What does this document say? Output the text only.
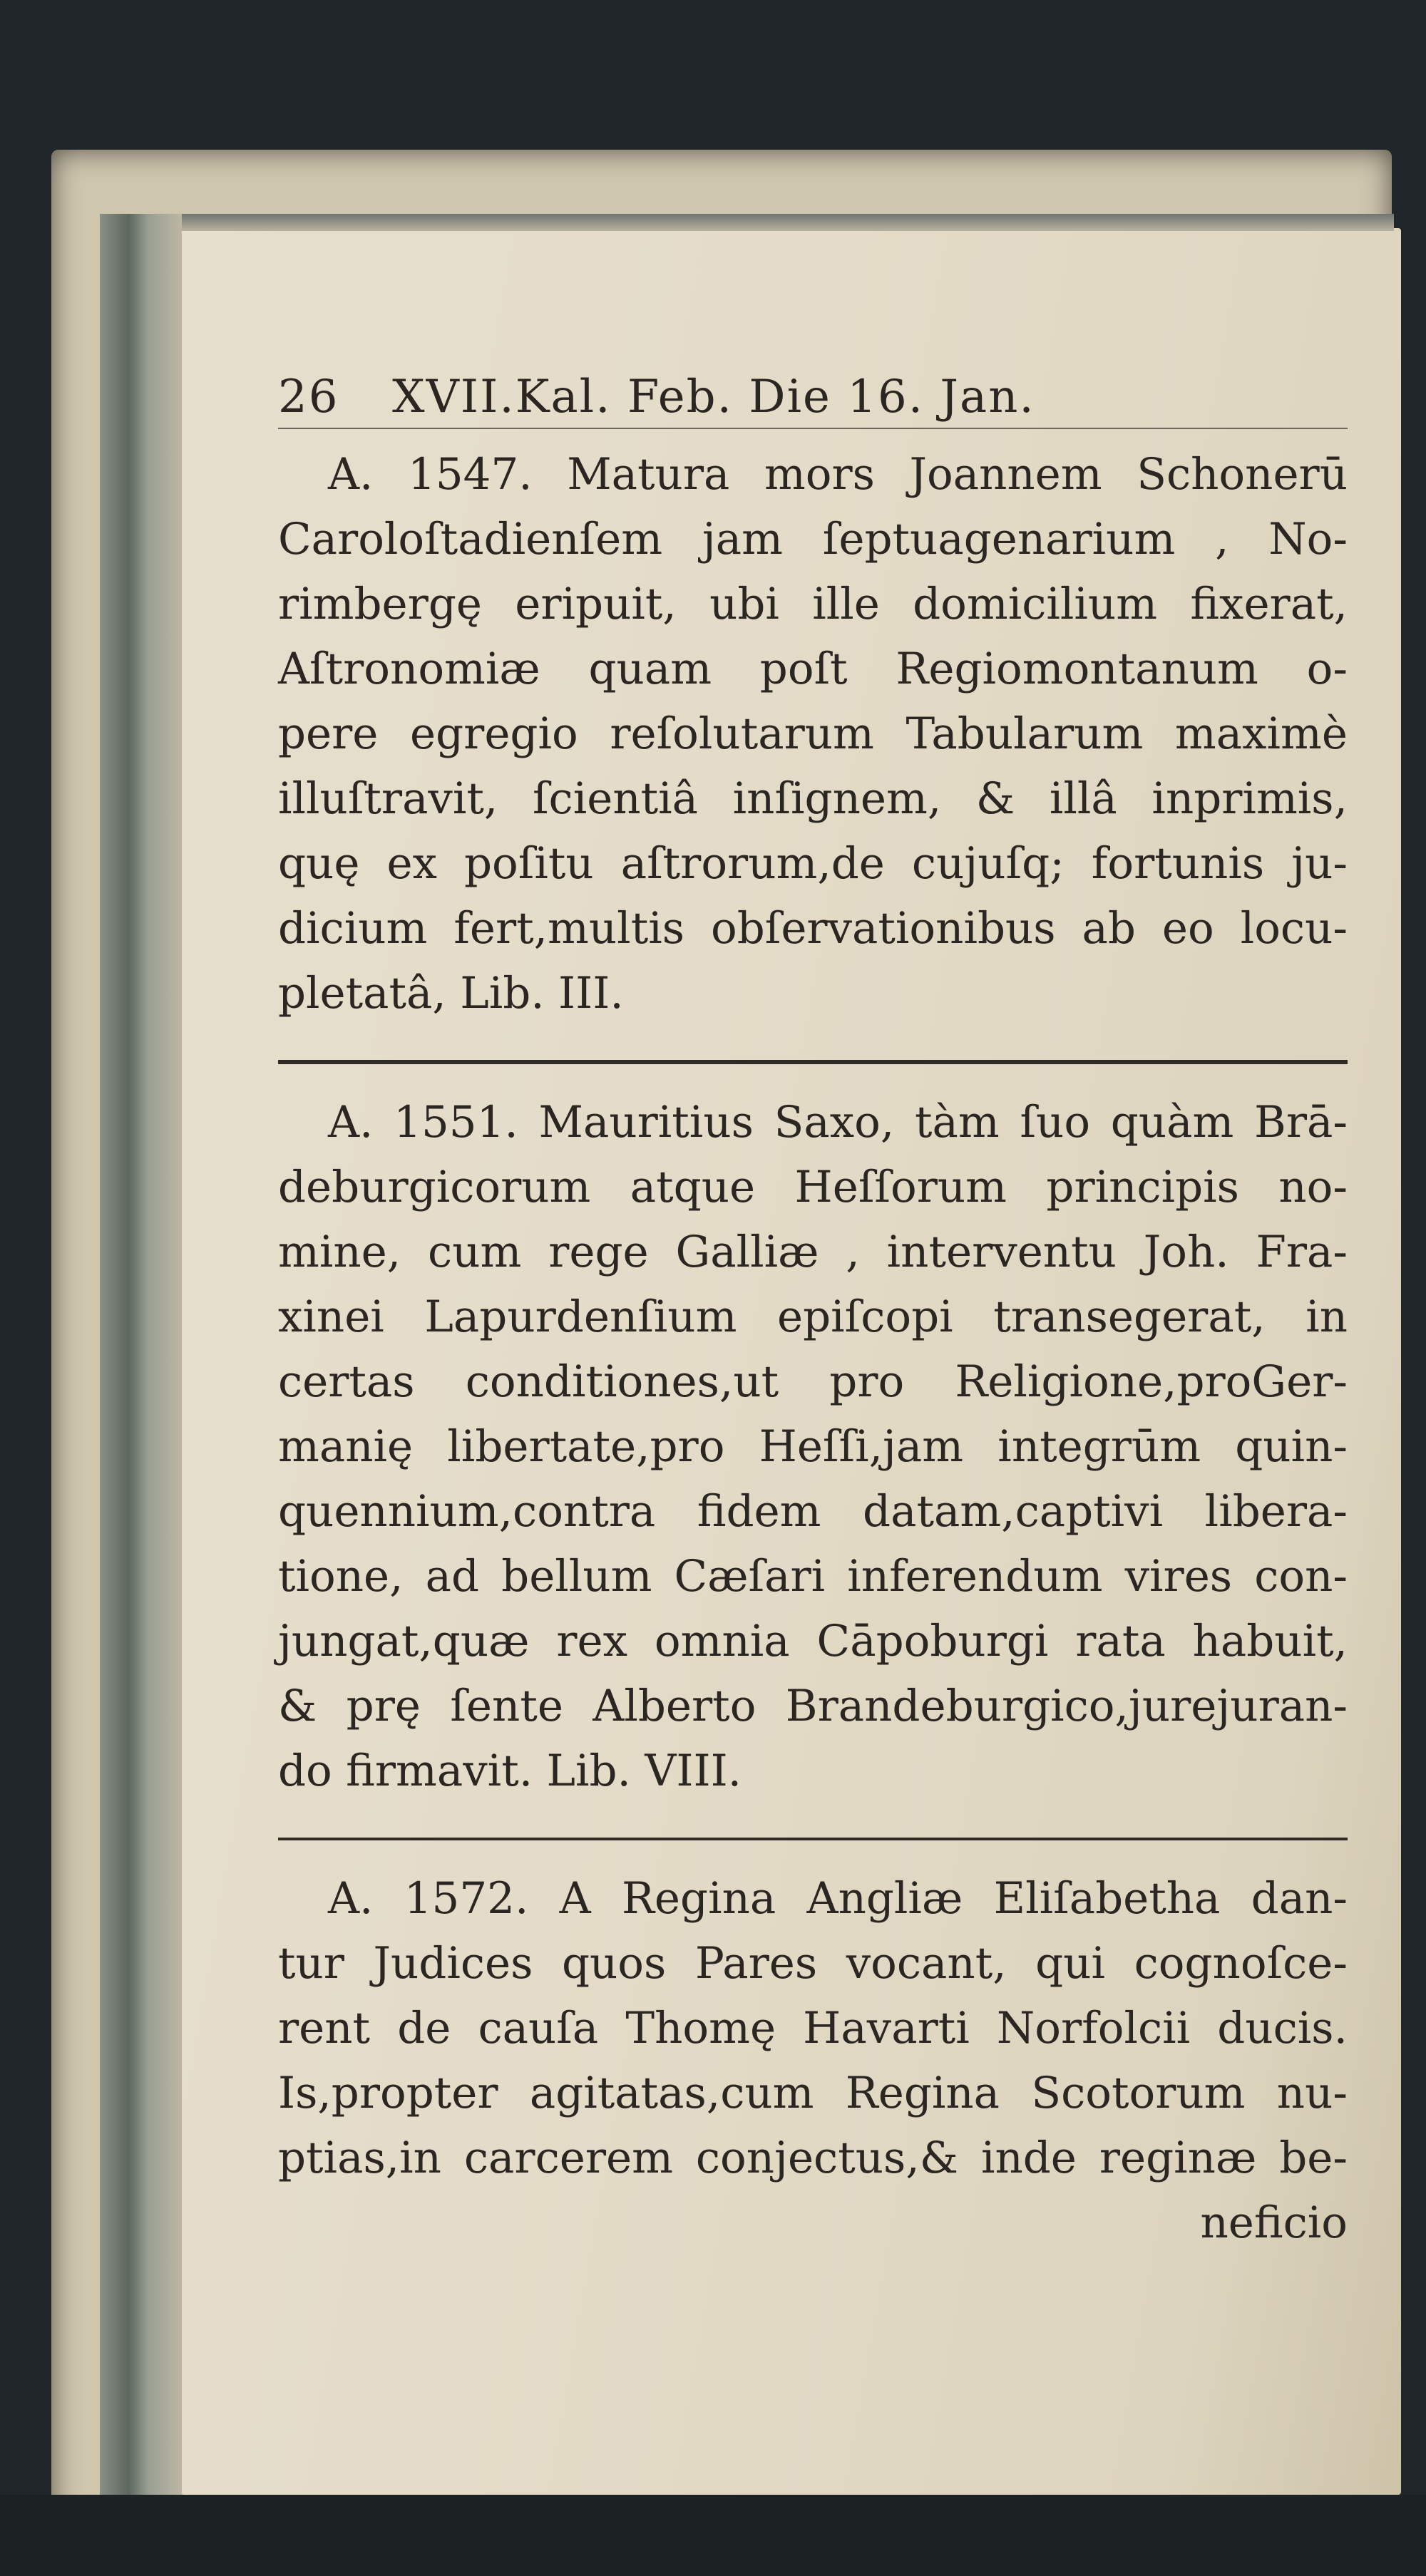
26	XVII.Kal. Feb. Die 16. Jan.
A. 1547. Matura mors Joannem Schonerū
Caroloſtadienſem jam ſeptuagenarium , No-
rimbergę eripuit, ubi ille domicilium fixerat,
Aſtronomiæ quam poſt Regiomontanum o-
pere egregio reſolutarum Tabularum maximè
illuſtravit, ſcientiâ inſignem, & illâ inprimis,
quę ex poſitu aſtrorum,de cujuſq; fortunis ju-
dicium fert,multis obſervationibus ab eo locu-
pletatâ, Lib. III.
A. 1551. Mauritius Saxo, tàm ſuo quàm Brā-
deburgicorum atque Heſſorum principis no-
mine, cum rege Galliæ , interventu Joh. Fra-
xinei Lapurdenſium epiſcopi transegerat, in
certas conditiones,ut pro Religione,proGer-
manię libertate,pro Heſſi,jam integrūm quin-
quennium,contra fidem datam,captivi libera-
tione, ad bellum Cæſari inferendum vires con-
jungat,quæ rex omnia Cāpoburgi rata habuit,
& prę ſente Alberto Brandeburgico,jurejuran-
do firmavit. Lib. VIII.
A. 1572. A Regina Angliæ Eliſabetha dan-
tur Judices quos Pares vocant, qui cognoſce-
rent de cauſa Thomę Havarti Norfolcii ducis.
Is,propter agitatas,cum Regina Scotorum nu-
ptias,in carcerem conjectus,& inde reginæ be-
neficio
